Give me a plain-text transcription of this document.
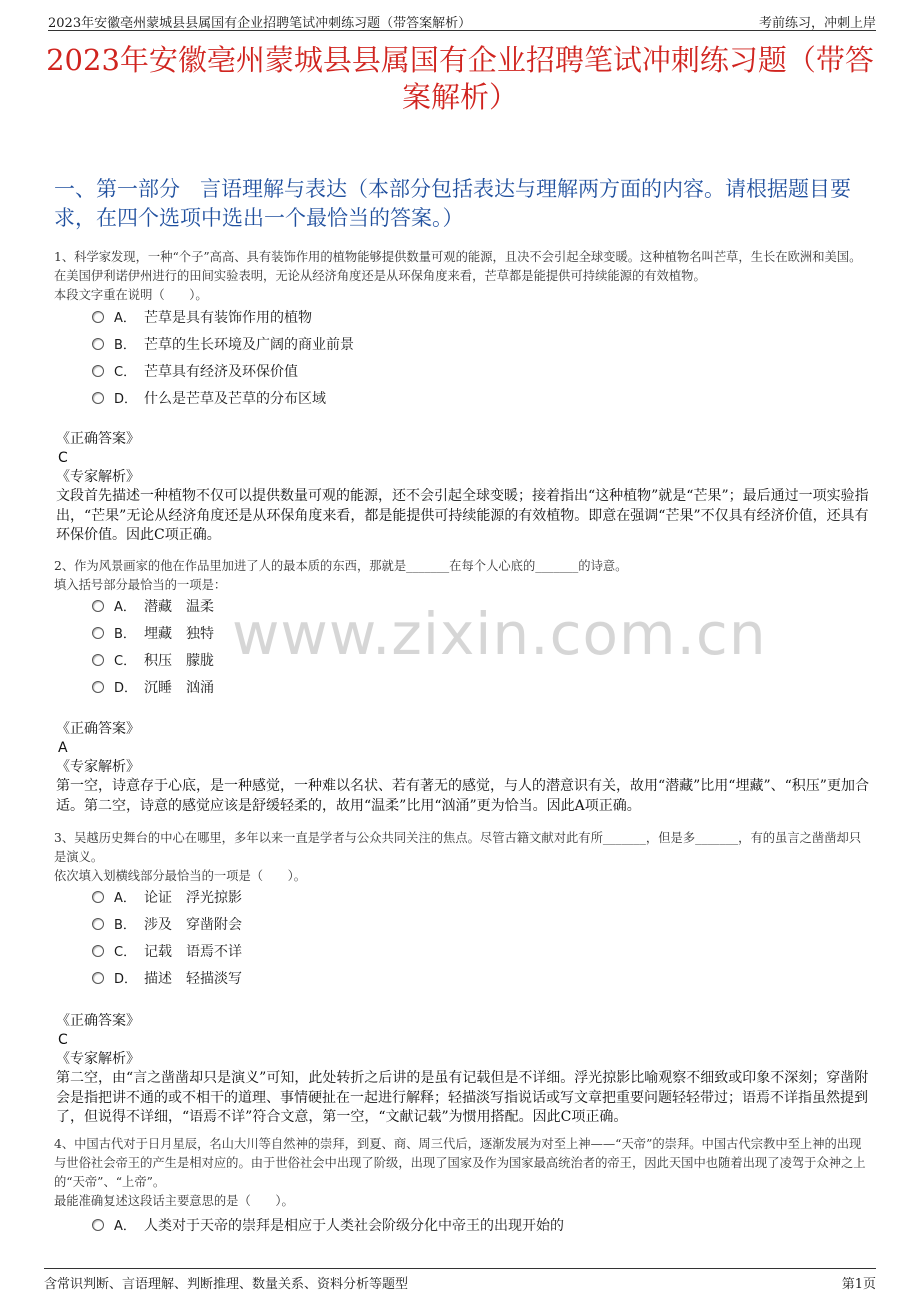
2023年安徽亳州蒙城县县属国有企业招聘笔试冲刺练习题（带答案解析）	考前练习，冲刺上岸
2023年安徽亳州蒙城县县属国有企业招聘笔试冲刺练习题（带答案解析）
一、第一部分 言语理解与表达（本部分包括表达与理解两方面的内容。请根据题目要求，在四个选项中选出一个最恰当的答案。）
www.zixin.com.cn

1、科学家发现，一种“个子”高高、具有装饰作用的植物能够提供数量可观的能源，且决不会引起全球变暖。这种植物名叫芒草，生长在欧洲和美国。在美国伊利诺伊州进行的田间实验表明，无论从经济角度还是从环保角度来看，芒草都是能提供可持续能源的有效植物。

本段文字重在说明（　　）。

A． 芒草是具有装饰作用的植物
B． 芒草的生长环境及广阔的商业前景
C． 芒草具有经济及环保价值
D． 什么是芒草及芒草的分布区域
《正确答案》
C
《专家解析》
文段首先描述一种植物不仅可以提供数量可观的能源，还不会引起全球变暖；接着指出“这种植物”就是“芒果”；最后通过一项实验指出，“芒果”无论从经济角度还是从环保角度来看，都是能提供可持续能源的有效植物。即意在强调“芒果”不仅具有经济价值，还具有环保价值。因此C项正确。

2、作为风景画家的他在作品里加进了人的最本质的东西，那就是_______在每个人心底的_______的诗意。

填入括号部分最恰当的一项是：

A． 潜藏　温柔
B． 埋藏　独特
C． 积压　朦胧
D． 沉睡　汹涌
《正确答案》
A
《专家解析》
第一空，诗意存于心底，是一种感觉，一种难以名状、若有著无的感觉，与人的潜意识有关，故用“潜藏”比用“埋藏”、“积压”更加合适。第二空，诗意的感觉应该是舒缓轻柔的，故用“温柔”比用“汹涌”更为恰当。因此A项正确。

3、吴越历史舞台的中心在哪里，多年以来一直是学者与公众共同关注的焦点。尽管古籍文献对此有所_______，但是多_______，有的虽言之凿凿却只是演义。

依次填入划横线部分最恰当的一项是（　　）。

A． 论证　浮光掠影
B． 涉及　穿凿附会
C． 记载　语焉不详
D． 描述　轻描淡写
《正确答案》
C
《专家解析》
第二空，由“言之凿凿却只是演义”可知，此处转折之后讲的是虽有记载但是不详细。浮光掠影比喻观察不细致或印象不深刻；穿凿附会是指把讲不通的或不相干的道理、事情硬扯在一起进行解释；轻描淡写指说话或写文章把重要问题轻轻带过；语焉不详指虽然提到了，但说得不详细，“语焉不详”符合文意，第一空，“文献记载”为惯用搭配。因此C项正确。

4、中国古代对于日月星辰，名山大川等自然神的崇拜，到夏、商、周三代后，逐渐发展为对至上神——“天帝”的崇拜。中国古代宗教中至上神的出现与世俗社会帝王的产生是相对应的。由于世俗社会中出现了阶级，出现了国家及作为国家最高统治者的帝王，因此天国中也随着出现了凌驾于众神之上的“天帝”、“上帝”。

最能准确复述这段话主要意思的是（　　）。

A． 人类对于天帝的崇拜是相应于人类社会阶级分化中帝王的出现开始的
含常识判断、言语理解、判断推理、数量关系、资料分析等题型	第1页
